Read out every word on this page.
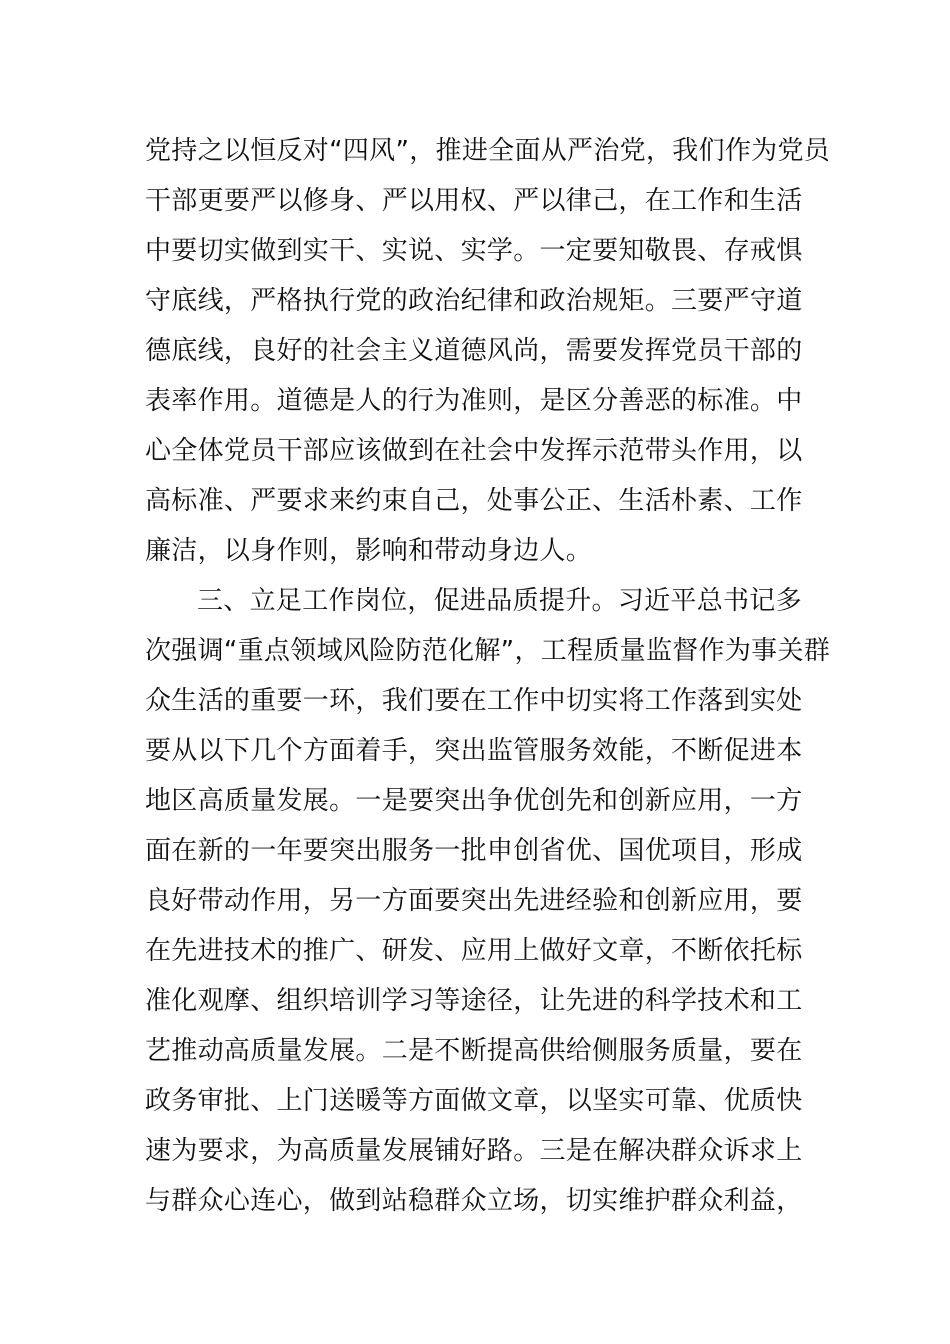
党持之以恒反对“四风”，推进全面从严治党，我们作为党员
干部更要严以修身、严以用权、严以律己，在工作和生活
中要切实做到实干、实说、实学。一定要知敬畏、存戒惧
守底线，严格执行党的政治纪律和政治规矩。三要严守道
德底线，良好的社会主义道德风尚，需要发挥党员干部的
表率作用。道德是人的行为准则，是区分善恶的标准。中
心全体党员干部应该做到在社会中发挥示范带头作用，以
高标准、严要求来约束自己，处事公正、生活朴素、工作
廉洁，以身作则，影响和带动身边人。
三、立足工作岗位，促进品质提升。习近平总书记多
次强调“重点领域风险防范化解”，工程质量监督作为事关群
众生活的重要一环，我们要在工作中切实将工作落到实处
要从以下几个方面着手，突出监管服务效能，不断促进本
地区高质量发展。一是要突出争优创先和创新应用，一方
面在新的一年要突出服务一批申创省优、国优项目，形成
良好带动作用，另一方面要突出先进经验和创新应用，要
在先进技术的推广、研发、应用上做好文章，不断依托标
准化观摩、组织培训学习等途径，让先进的科学技术和工
艺推动高质量发展。二是不断提高供给侧服务质量，要在
政务审批、上门送暖等方面做文章，以坚实可靠、优质快
速为要求，为高质量发展铺好路。三是在解决群众诉求上
与群众心连心，做到站稳群众立场，切实维护群众利益，
